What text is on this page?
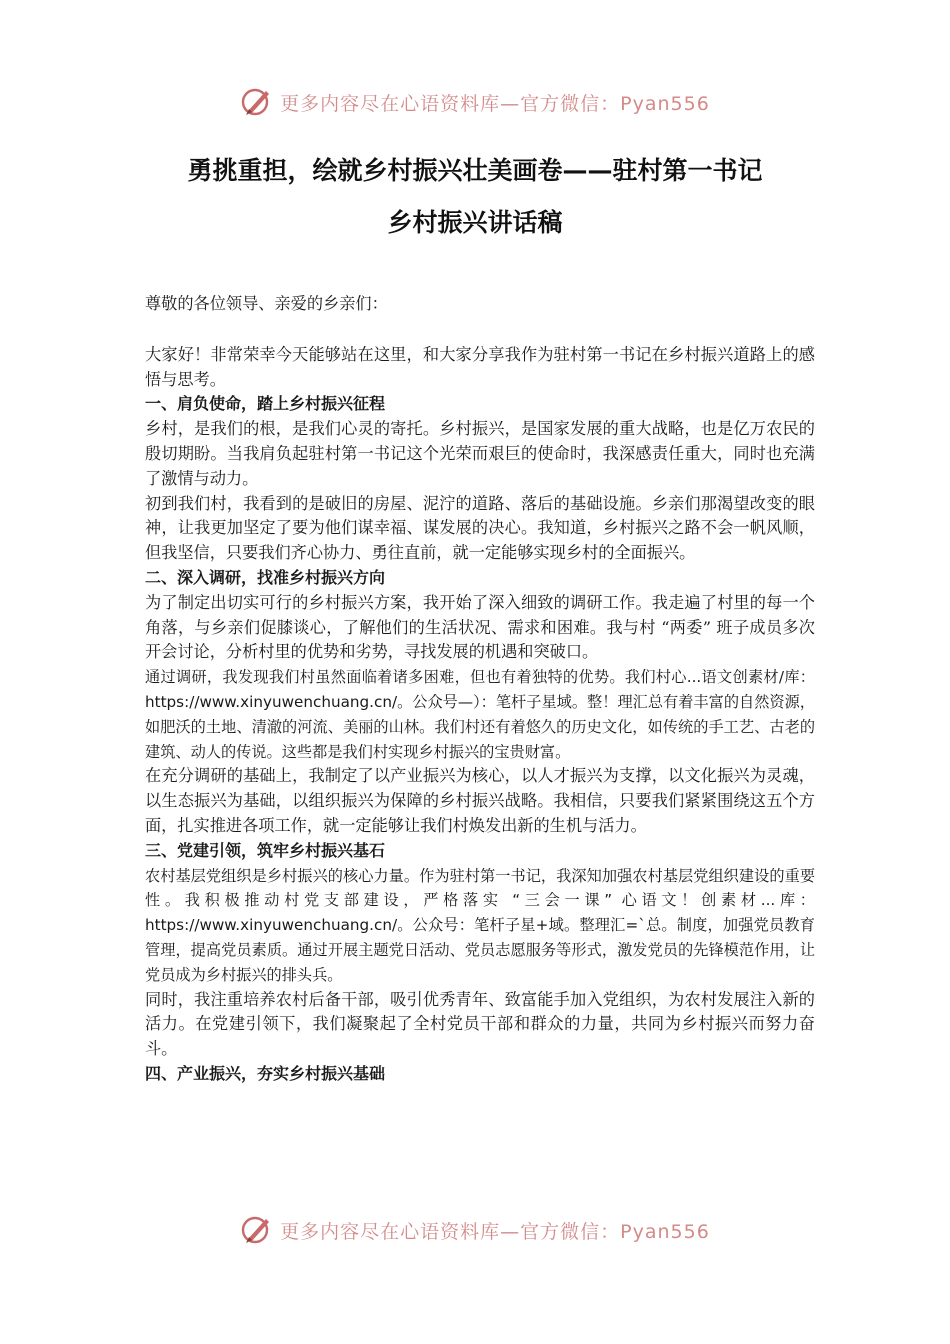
更多内容尽在心语资料库—官方微信：Pyan556
勇挑重担，绘就乡村振兴壮美画卷——驻村第一书记
乡村振兴讲话稿

尊敬的各位领导、亲爱的乡亲们：

大家好！非常荣幸今天能够站在这里，和大家分享我作为驻村第一书记在乡村振兴道路上的感悟与思考。

一、肩负使命，踏上乡村振兴征程

乡村，是我们的根，是我们心灵的寄托。乡村振兴，是国家发展的重大战略，也是亿万农民的殷切期盼。当我肩负起驻村第一书记这个光荣而艰巨的使命时，我深感责任重大，同时也充满了激情与动力。

初到我们村，我看到的是破旧的房屋、泥泞的道路、落后的基础设施。乡亲们那渴望改变的眼神，让我更加坚定了要为他们谋幸福、谋发展的决心。我知道，乡村振兴之路不会一帆风顺，但我坚信，只要我们齐心协力、勇往直前，就一定能够实现乡村的全面振兴。

二、深入调研，找准乡村振兴方向

为了制定出切实可行的乡村振兴方案，我开始了深入细致的调研工作。我走遍了村里的每一个角落，与乡亲们促膝谈心，了解他们的生活状况、需求和困难。我与村 “两委” 班子成员多次开会讨论，分析村里的优势和劣势，寻找发展的机遇和突破口。

通过调研，我发现我们村虽然面临着诸多困难，但也有着独特的优势。我们村心...语文创素材/库：https://www.xinyuwenchuang.cn/。公众号—）：笔杆子星域。整！理汇总有着丰富的自然资源，如肥沃的土地、清澈的河流、美丽的山林。我们村还有着悠久的历史文化，如传统的手工艺、古老的建筑、动人的传说。这些都是我们村实现乡村振兴的宝贵财富。

在充分调研的基础上，我制定了以产业振兴为核心，以人才振兴为支撑，以文化振兴为灵魂，以生态振兴为基础，以组织振兴为保障的乡村振兴战略。我相信，只要我们紧紧围绕这五个方面，扎实推进各项工作，就一定能够让我们村焕发出新的生机与活力。

三、党建引领，筑牢乡村振兴基石

农村基层党组织是乡村振兴的核心力量。作为驻村第一书记，我深知加强农村基层党组织建设的重要性。我积极推动村党支部建设，严格落实 “三会一课” 心语文！创素材...库：https://www.xinyuwenchuang.cn/。公众号：笔杆子星+域。整理汇=`总。制度，加强党员教育管理，提高党员素质。通过开展主题党日活动、党员志愿服务等形式，激发党员的先锋模范作用，让党员成为乡村振兴的排头兵。

同时，我注重培养农村后备干部，吸引优秀青年、致富能手加入党组织，为农村发展注入新的活力。在党建引领下，我们凝聚起了全村党员干部和群众的力量，共同为乡村振兴而努力奋斗。

四、产业振兴，夯实乡村振兴基础

更多内容尽在心语资料库—官方微信：Pyan556
